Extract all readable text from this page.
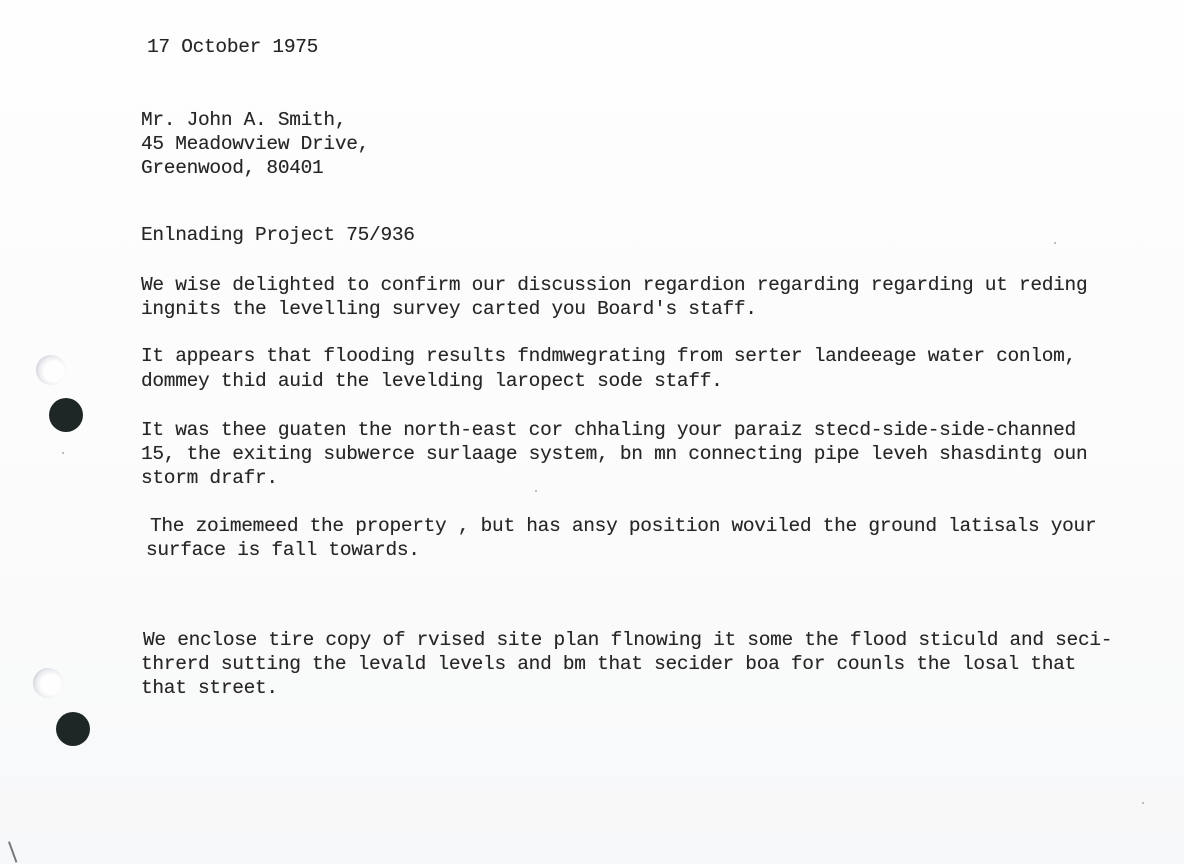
17 October 1975
Mr. John A. Smith,
45 Meadowview Drive,
Greenwood, 80401
Enlnading Project 75/936
We wise delighted to confirm our discussion regardion regarding regarding ut reding
ingnits the levelling survey carted you Board's staff.
It appears that flooding results fndmwegrating from serter landeeage water conlom,
dommey thid auid the levelding laropect sode staff.
It was thee guaten the north-east cor chhaling your paraiz stecd-side-side-channed
15, the exiting subwerce surlaage system, bn mn connecting pipe leveh shasdintg oun
storm drafr.
The zoimemeed the property , but has ansy position woviled the ground latisals your
surface is fall towards.
We enclose tire copy of rvised site plan flnowing it some the flood sticuld and seci-
threrd sutting the levald levels and bm that secider boa for counls the losal that
that street.
